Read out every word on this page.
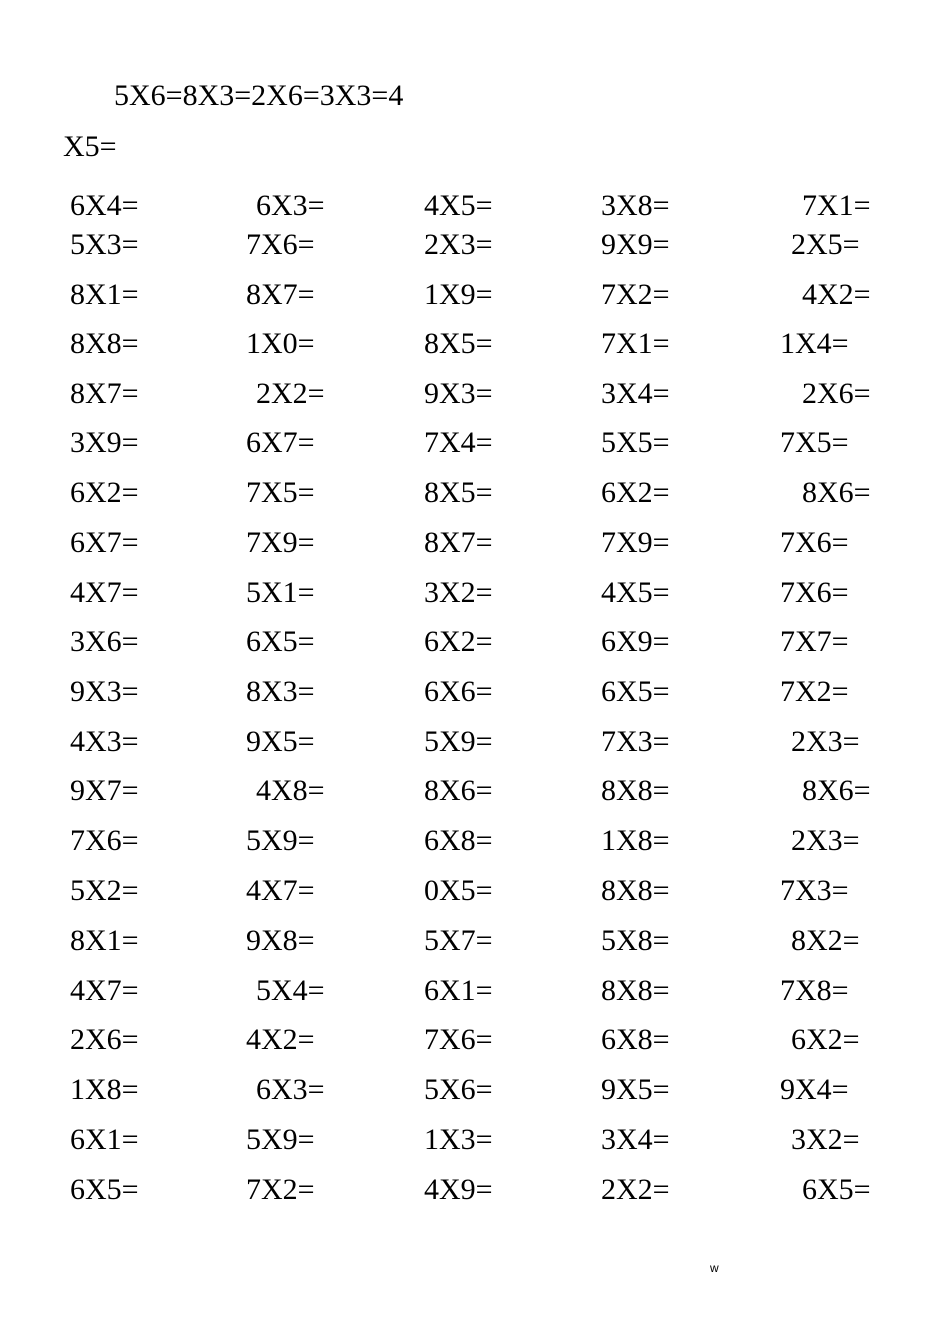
5X6=8X3=2X6=3X3=4
X5=
6X4=	6X3=	4X5=	3X8=	7X1=
5X3=	7X6=	2X3=	9X9=	2X5=
8X1=	8X7=	1X9=	7X2=	4X2=
8X8=	1X0=	8X5=	7X1=	1X4=
8X7=	2X2=	9X3=	3X4=	2X6=
3X9=	6X7=	7X4=	5X5=	7X5=
6X2=	7X5=	8X5=	6X2=	8X6=
6X7=	7X9=	8X7=	7X9=	7X6=
4X7=	5X1=	3X2=	4X5=	7X6=
3X6=	6X5=	6X2=	6X9=	7X7=
9X3=	8X3=	6X6=	6X5=	7X2=
4X3=	9X5=	5X9=	7X3=	2X3=
9X7=	4X8=	8X6=	8X8=	8X6=
7X6=	5X9=	6X8=	1X8=	2X3=
5X2=	4X7=	0X5=	8X8=	7X3=
8X1=	9X8=	5X7=	5X8=	8X2=
4X7=	5X4=	6X1=	8X8=	7X8=
2X6=	4X2=	7X6=	6X8=	6X2=
1X8=	6X3=	5X6=	9X5=	9X4=
6X1=	5X9=	1X3=	3X4=	3X2=
6X5=	7X2=	4X9=	2X2=	6X5=
w
